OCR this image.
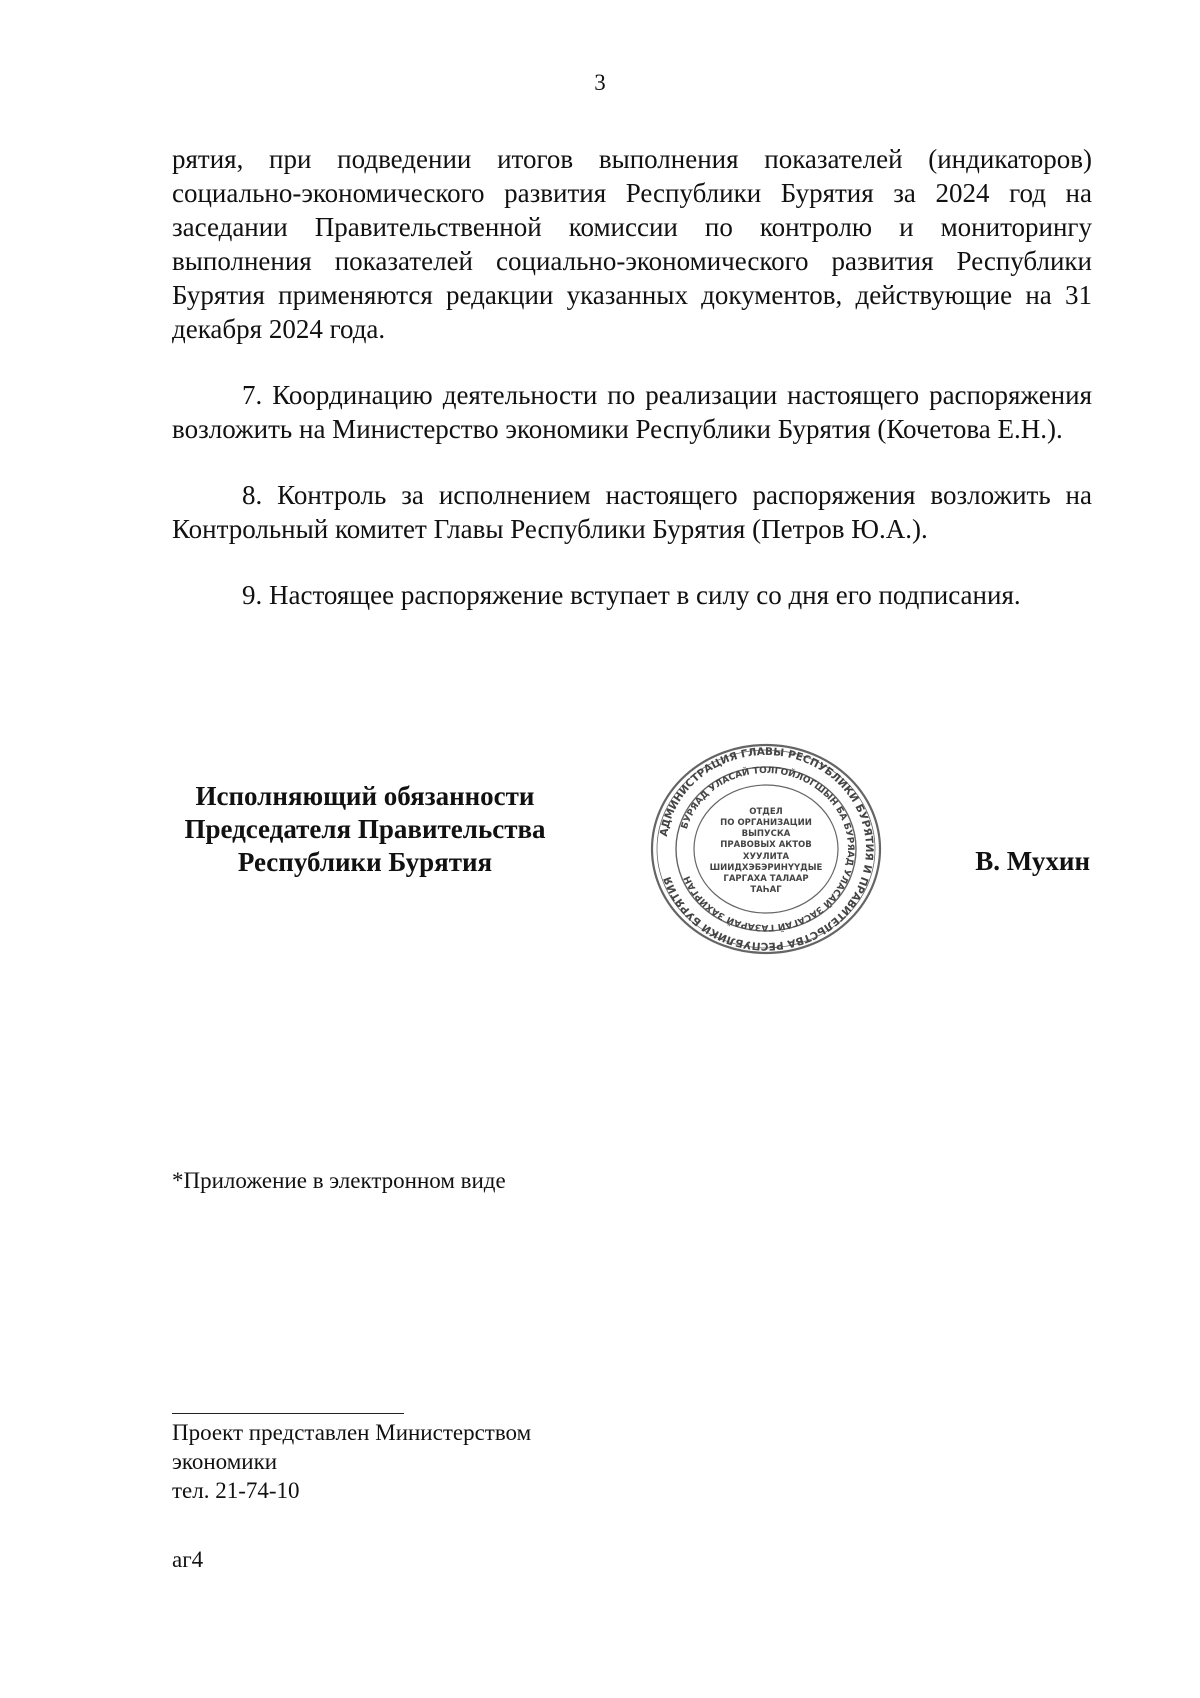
3

рятия, при подведении итогов выполнения показателей (индикаторов) социально-экономического развития Республики Бурятия за 2024 год на заседании Правительственной комиссии по контролю и мониторингу выполнения показателей социально-экономического развития Республики Бурятия применяются редакции указанных документов, действующие на 31 декабря 2024 года.

7. Координацию деятельности по реализации настоящего распоряжения возложить на Министерство экономики Республики Бурятия (Кочетова Е.Н.).

8. Контроль за исполнением настоящего распоряжения возложить на Контрольный комитет Главы Республики Бурятия (Петров Ю.А.).

9. Настоящее распоряжение вступает в силу со дня его подписания.

Исполняющий обязанности
Председателя Правительства
Республики Бурятия
АДМИНИСТРАЦИЯ ГЛАВЫ РЕСПУБЛИКИ БУРЯТИЯ И ПРАВИТЕЛЬСТВА РЕСПУБЛИКИ БУРЯТИЯ
БУРЯАД УЛАСАЙ ТОЛГОЙЛОГШЫН БА БУРЯАД УЛАСАЙ ЗАСАГАЙ ГАЗАРАЙ ЗАХИРГАН
ОТДЕЛ
ПО ОРГАНИЗАЦИИ
ВЫПУСКА
ПРАВОВЫХ АКТОВ
ХУУЛИТА
ШИИДХЭБЭРИНҮҮДЫЕ
ГАРГАХА ТАЛААР
ТАҺАГ
В. Мухин
*Приложение в электронном виде
Проект представлен Министерством
экономики
тел. 21-74-10
аг4
